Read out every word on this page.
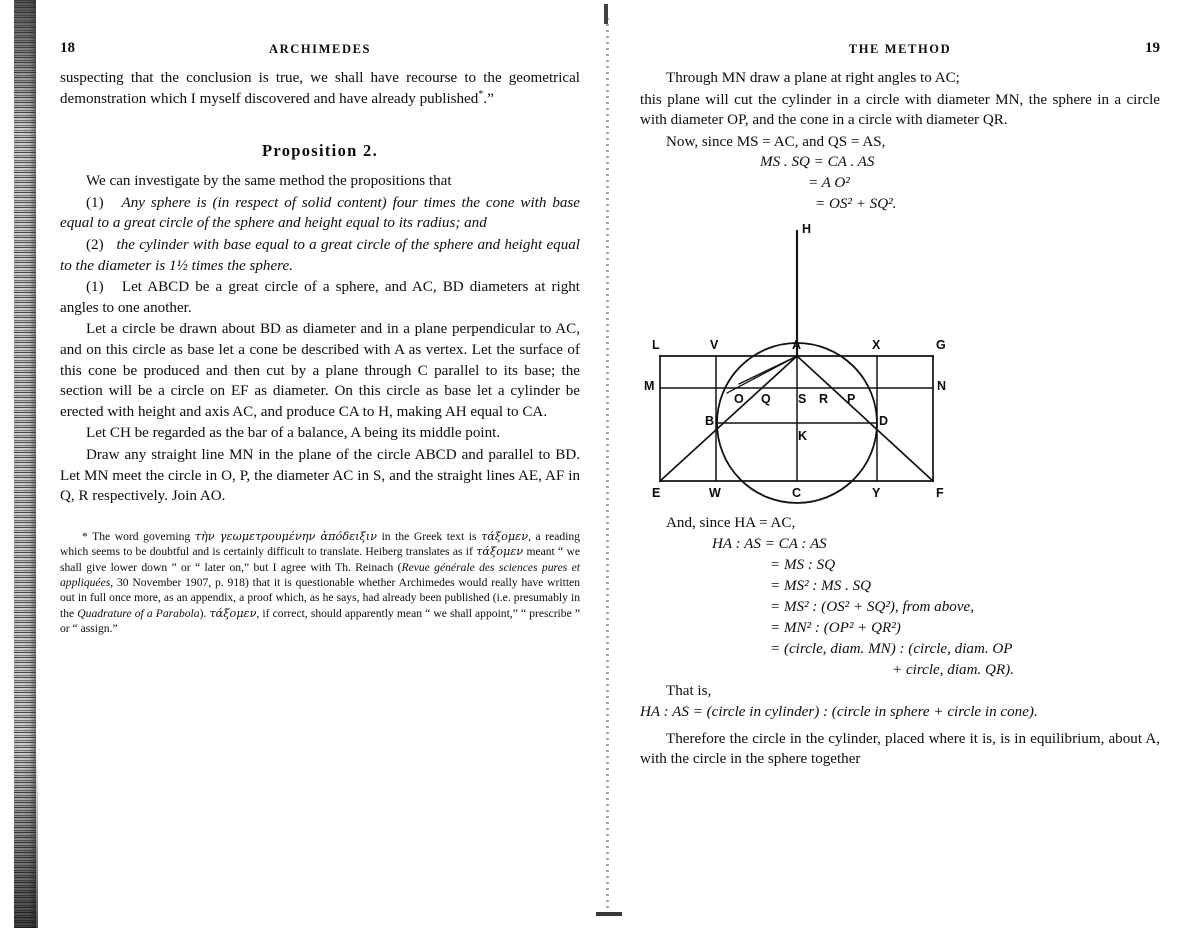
18	ARCHIMEDES

suspecting that the conclusion is true, we shall have recourse to the geometrical demonstration which I myself discovered and have already published*.”

Proposition 2.

We can investigate by the same method the propositions that

(1) Any sphere is (in respect of solid content) four times the cone with base equal to a great circle of the sphere and height equal to its radius; and

(2) the cylinder with base equal to a great circle of the sphere and height equal to the diameter is 1½ times the sphere.

(1) Let ABCD be a great circle of a sphere, and AC, BD diameters at right angles to one another.

Let a circle be drawn about BD as diameter and in a plane perpendicular to AC, and on this circle as base let a cone be described with A as vertex. Let the surface of this cone be produced and then cut by a plane through C parallel to its base; the section will be a circle on EF as diameter. On this circle as base let a cylinder be erected with height and axis AC, and produce CA to H, making AH equal to CA.

Let CH be regarded as the bar of a balance, A being its middle point.

Draw any straight line MN in the plane of the circle ABCD and parallel to BD. Let MN meet the circle in O, P, the diameter AC in S, and the straight lines AE, AF in Q, R respectively. Join AO.

* The word governing τὴν γεωμετρουμένην ἀπόδειξιν in the Greek text is τάξομεν, a reading which seems to be doubtful and is certainly difficult to translate. Heiberg translates as if τάξομεν meant “ we shall give lower down ” or “ later on,” but I agree with Th. Reinach (Revue générale des sciences pures et appliquées, 30 November 1907, p. 918) that it is questionable whether Archimedes would really have written out in full once more, as an appendix, a proof which, as he says, had already been published (i.e. presumably in the Quadrature of a Parabola). τάξομεν, if correct, should apparently mean “ we shall appoint,” “ prescribe ” or “ assign.”

THE METHOD	19

Through MN draw a plane at right angles to AC;

this plane will cut the cylinder in a circle with diameter MN, the sphere in a circle with diameter OP, and the cone in a circle with diameter QR.

Now, since MS = AC, and QS = AS,

MS . SQ = CA . AS
= A O²
= OS² + SQ².
H
L	V	A	X	G
M	N
O Q S R P
B	D
K
E	W	C	Y	F

And, since HA = AC,

HA : AS = CA : AS
= MS : SQ
= MS² : MS . SQ
= MS² : (OS² + SQ²), from above,
= MN² : (OP² + QR²)
= (circle, diam. MN) : (circle, diam. OP
+ circle, diam. QR).

That is,

HA : AS = (circle in cylinder) : (circle in sphere + circle in cone).

Therefore the circle in the cylinder, placed where it is, is in equilibrium, about A, with the circle in the sphere together
